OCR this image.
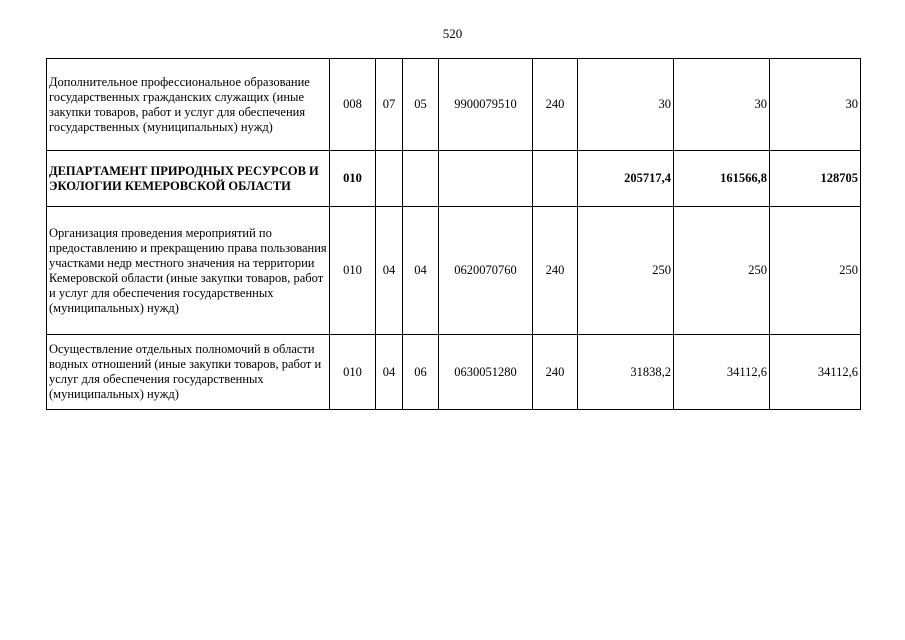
520
Дополнительное профессиональное образование государственных гражданских служащих (иные закупки товаров, работ и услуг для обеспечения государственных (муниципальных) нужд)	008	07	05	9900079510	240	30	30	30
ДЕПАРТАМЕНТ ПРИРОДНЫХ РЕСУРСОВ И ЭКОЛОГИИ КЕМЕРОВСКОЙ ОБЛАСТИ	010					205717,4	161566,8	128705
Организация проведения мероприятий по предоставлению и прекращению права пользования участками недр местного значения на территории Кемеровской области (иные закупки товаров, работ и услуг для обеспечения государственных (муниципальных) нужд)	010	04	04	0620070760	240	250	250	250
Осуществление отдельных полномочий в области водных отношений (иные закупки товаров, работ и услуг для обеспечения государственных (муниципальных) нужд)	010	04	06	0630051280	240	31838,2	34112,6	34112,6
